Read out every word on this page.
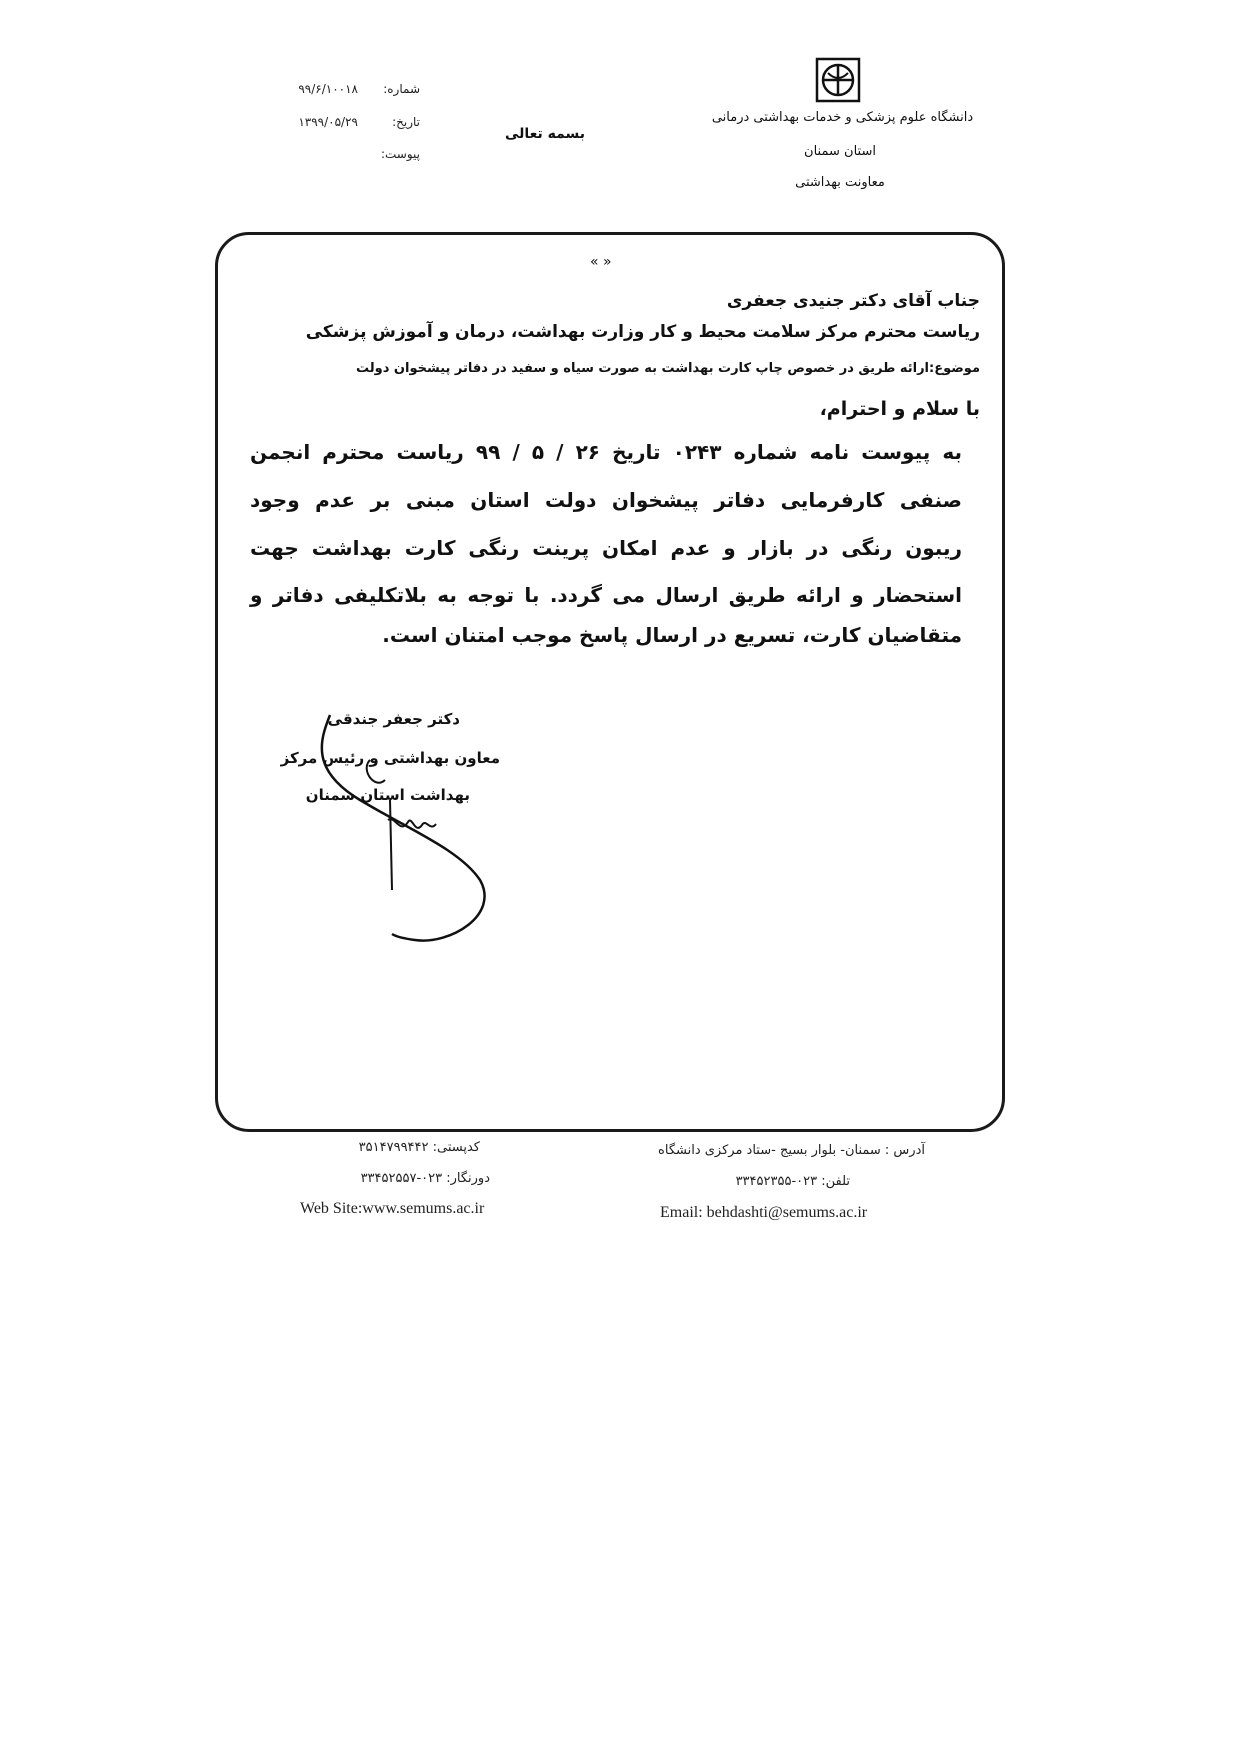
شماره:
۹۹/۶/۱۰۰۱۸
تاریخ:
۱۳۹۹/۰۵/۲۹
پیوست:
بسمه تعالی
دانشگاه علوم پزشکی و خدمات بهداشتی درمانی
استان سمنان
معاونت بهداشتی
« »
جناب آقای دکتر جنیدی جعفری
ریاست محترم مرکز سلامت محیط و کار وزارت بهداشت، درمان و آموزش پزشکی
موضوع:ارائه طریق در خصوص چاپ کارت بهداشت به صورت سیاه و سفید در دفاتر پیشخوان دولت
با سلام و احترام،
به پیوست نامه شماره ۰۲۴۳ تاریخ ۲۶ / ۵ / ۹۹ ریاست محترم انجمن
صنفی کارفرمایی دفاتر پیشخوان دولت استان مبنی بر عدم وجود
ریبون رنگی در بازار و عدم امکان پرینت رنگی کارت بهداشت جهت
استحضار و ارائه طریق ارسال می گردد. با توجه به بلاتکلیفی دفاتر و
متقاضیان کارت، تسریع در ارسال پاسخ موجب امتنان است.
دکتر جعفر جندقی
معاون بهداشتی و رئیس مرکز
بهداشت استان سمنان
کدپستی: ۳۵۱۴۷۹۹۴۴۲
دورنگار: ۰۲۳-۳۳۴۵۲۵۵۷
Web Site:www.semums.ac.ir
آدرس : سمنان- بلوار بسیج -ستاد مرکزی دانشگاه
تلفن: ۰۲۳-۳۳۴۵۲۳۵۵
Email: behdashti@semums.ac.ir
